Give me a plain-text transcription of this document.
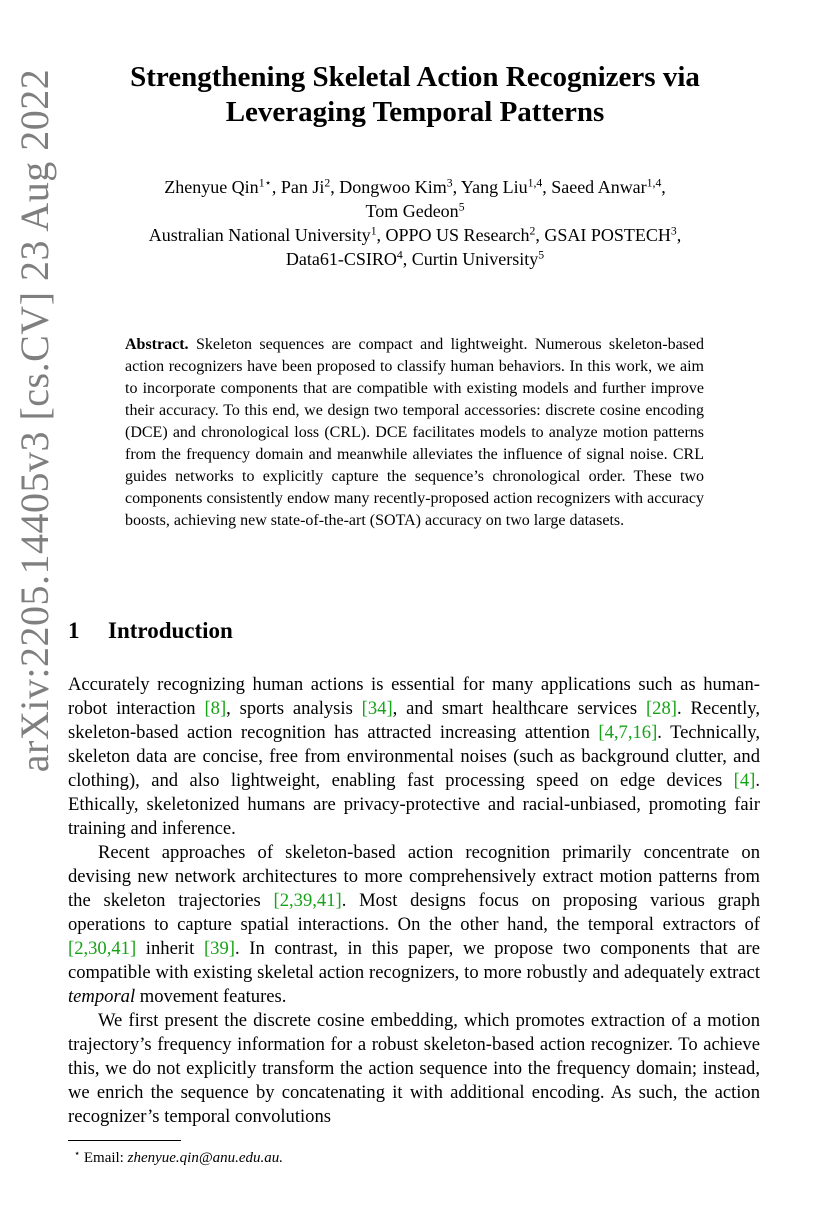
arXiv:2205.14405v3 [cs.CV] 23 Aug 2022	Strengthening Skeletal Action Recognizers via
Leveraging Temporal Patterns
Zhenyue Qin$^{1⋆}$, Pan Ji$^2$, Dongwoo Kim$^3$, Yang Liu$^{1,4}$, Saeed Anwar$^{1,4}$,
Tom Gedeon$^5$
Australian National University$^1$, OPPO US Research$^2$, GSAI POSTECH$^3$,
Data61-CSIRO$^4$, Curtin University$^5$
Abstract. Skeleton sequences are compact and lightweight. Numerous skeleton-based action recognizers have been proposed to classify human behaviors. In this work, we aim to incorporate components that are compatible with existing models and further improve their accuracy. To this end, we design two temporal accessories: discrete cosine encoding (DCE) and chronological loss (CRL). DCE facilitates models to analyze motion patterns from the frequency domain and meanwhile alleviates the influence of signal noise. CRL guides networks to explicitly capture the sequence’s chronological order. These two components consistently endow many recently-proposed action recognizers with accuracy boosts, achieving new state-of-the-art (SOTA) accuracy on two large datasets.
1 Introduction

Accurately recognizing human actions is essential for many applications such as human-robot interaction [8], sports analysis [34], and smart healthcare services [28]. Recently, skeleton-based action recognition has attracted increasing attention [4,7,16]. Technically, skeleton data are concise, free from environmental noises (such as background clutter, and clothing), and also lightweight, enabling fast processing speed on edge devices [4]. Ethically, skeletonized humans are privacy-protective and racial-unbiased, promoting fair training and inference.

Recent approaches of skeleton-based action recognition primarily concentrate on devising new network architectures to more comprehensively extract motion patterns from the skeleton trajectories [2,39,41]. Most designs focus on proposing various graph operations to capture spatial interactions. On the other hand, the temporal extractors of [2,30,41] inherit [39]. In contrast, in this paper, we propose two components that are compatible with existing skeletal action recognizers, to more robustly and adequately extract temporal movement features.

We first present the discrete cosine embedding, which promotes extraction of a motion trajectory’s frequency information for a robust skeleton-based action recognizer. To achieve this, we do not explicitly transform the action sequence into the frequency domain; instead, we enrich the sequence by concatenating it with additional encoding. As such, the action recognizer’s temporal convolutions

⋆ Email: zhenyue.qin@anu.edu.au.
